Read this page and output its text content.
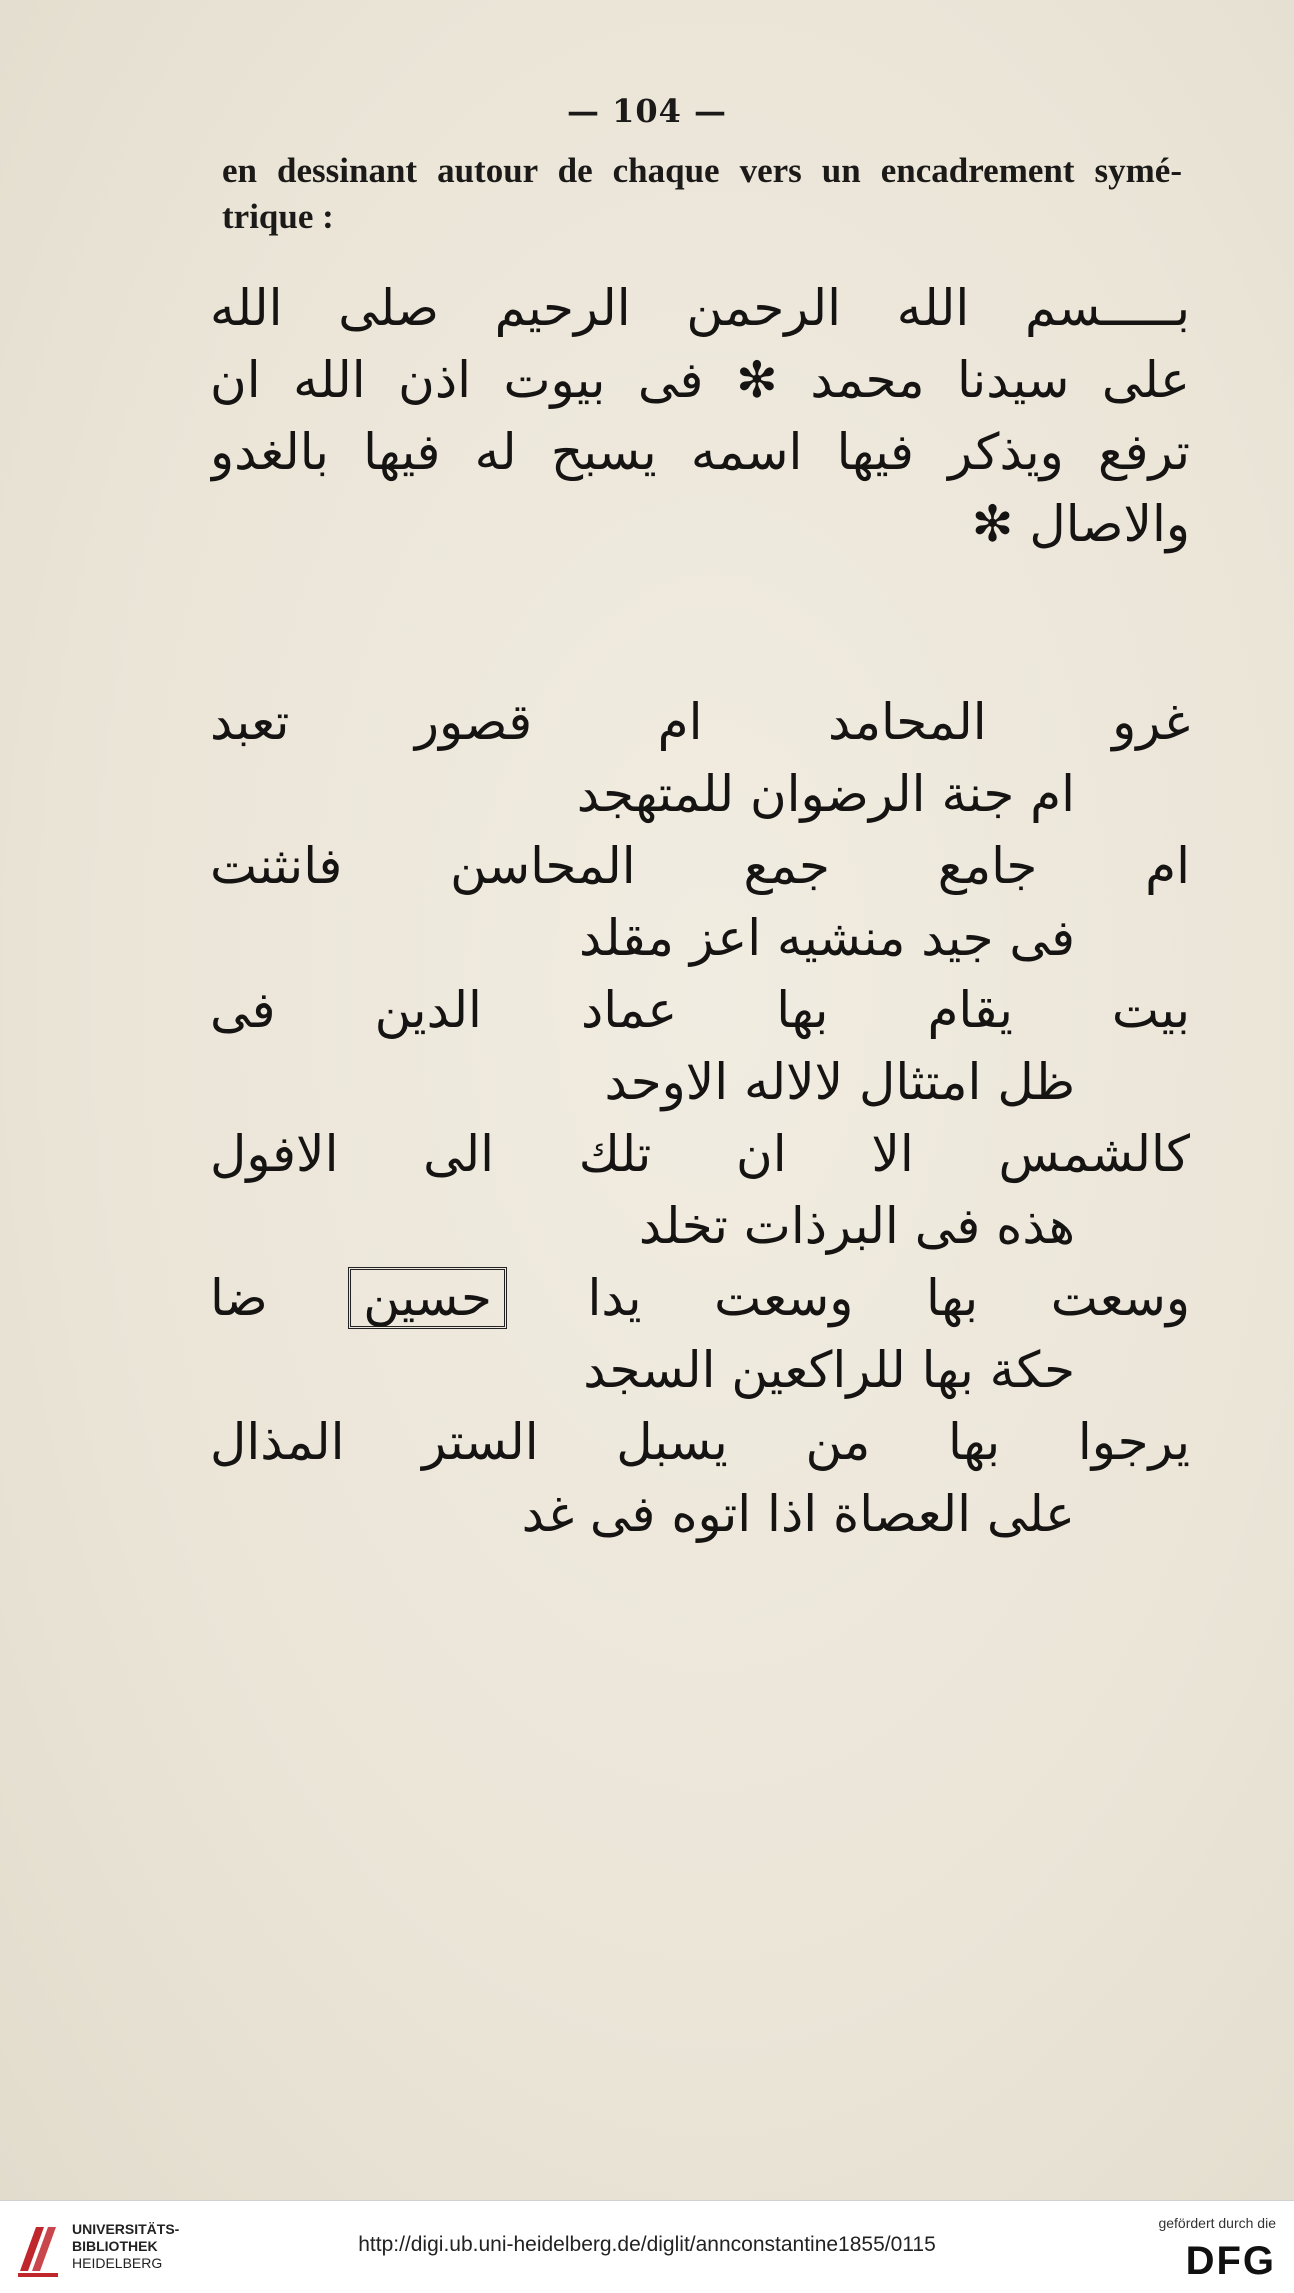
— 104 —
en dessinant autour de chaque vers un encadrement symé-trique :
بـــــسم الله الرحمن الرحيم صلى الله
على سيدنا محمد ✻ فى بيوت اذن الله ان
ترفع ويذكر فيها اسمه يسبح له فيها بالغدو
والاصال ✻
غرو المحامد ام قصور تعبد
ام جنة الرضوان للمتهجد
ام جامع جمع المحاسن فانثنت
فى جيد منشيه اعز مقلد
بيت يقام بها عماد الدين فى
ظل امتثال لالاله الاوحد
كالشمس الا ان تلك الى الافول
هذه فى البرذات تخلد
وسعت بها وسعت يدا حسين ضا
حكة بها للراكعين السجد
يرجوا بها من يسبل الستر المذال
على العصاة اذا اتوه فى غد
UNIVERSITÄTS-
BIBLIOTHEK
HEIDELBERG
http://digi.ub.uni-heidelberg.de/diglit/annconstantine1855/0115
gefördert durch die
DFG
